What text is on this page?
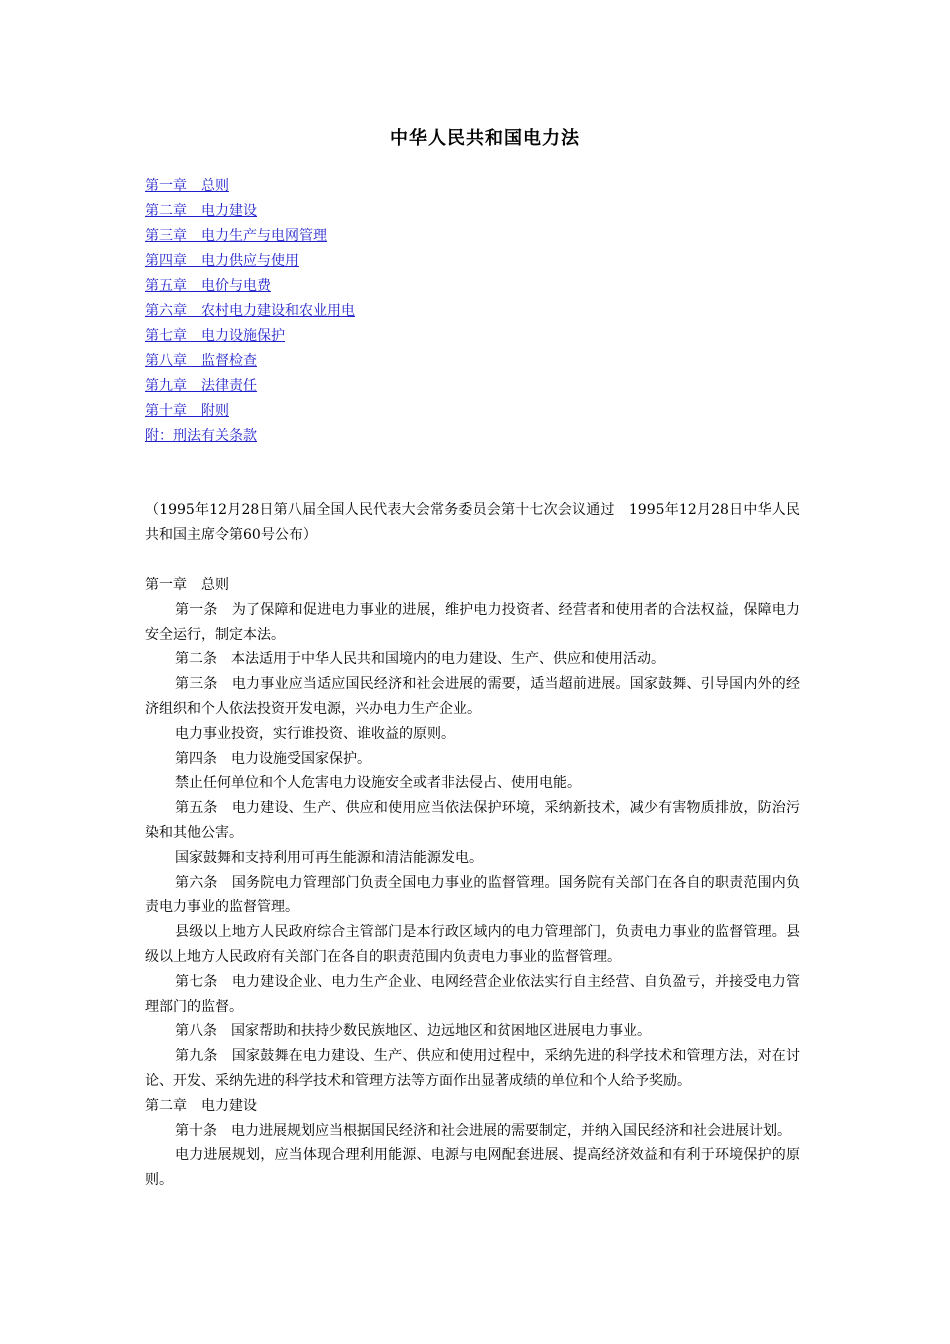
中华人民共和国电力法
第一章　总则
第二章　电力建设
第三章　电力生产与电网管理
第四章　电力供应与使用
第五章　电价与电费
第六章　农村电力建设和农业用电
第七章　电力设施保护
第八章　监督检查
第九章　法律责任
第十章　附则
附：刑法有关条款

（1995年12月28日第八届全国人民代表大会常务委员会第十七次会议通过　1995年12月28日中华人民共和国主席令第60号公布）

第一章　总则

第一条　为了保障和促进电力事业的进展，维护电力投资者、经营者和使用者的合法权益，保障电力安全运行，制定本法。

第二条　本法适用于中华人民共和国境内的电力建设、生产、供应和使用活动。

第三条　电力事业应当适应国民经济和社会进展的需要，适当超前进展。国家鼓舞、引导国内外的经济组织和个人依法投资开发电源，兴办电力生产企业。

电力事业投资，实行谁投资、谁收益的原则。

第四条　电力设施受国家保护。

禁止任何单位和个人危害电力设施安全或者非法侵占、使用电能。

第五条　电力建设、生产、供应和使用应当依法保护环境，采纳新技术，减少有害物质排放，防治污染和其他公害。

国家鼓舞和支持利用可再生能源和清洁能源发电。

第六条　国务院电力管理部门负责全国电力事业的监督管理。国务院有关部门在各自的职责范围内负责电力事业的监督管理。

县级以上地方人民政府综合主管部门是本行政区域内的电力管理部门，负责电力事业的监督管理。县级以上地方人民政府有关部门在各自的职责范围内负责电力事业的监督管理。

第七条　电力建设企业、电力生产企业、电网经营企业依法实行自主经营、自负盈亏，并接受电力管理部门的监督。

第八条　国家帮助和扶持少数民族地区、边远地区和贫困地区进展电力事业。

第九条　国家鼓舞在电力建设、生产、供应和使用过程中，采纳先进的科学技术和管理方法，对在讨论、开发、采纳先进的科学技术和管理方法等方面作出显著成绩的单位和个人给予奖励。

第二章　电力建设

第十条　电力进展规划应当根据国民经济和社会进展的需要制定，并纳入国民经济和社会进展计划。

电力进展规划，应当体现合理利用能源、电源与电网配套进展、提高经济效益和有利于环境保护的原则。
